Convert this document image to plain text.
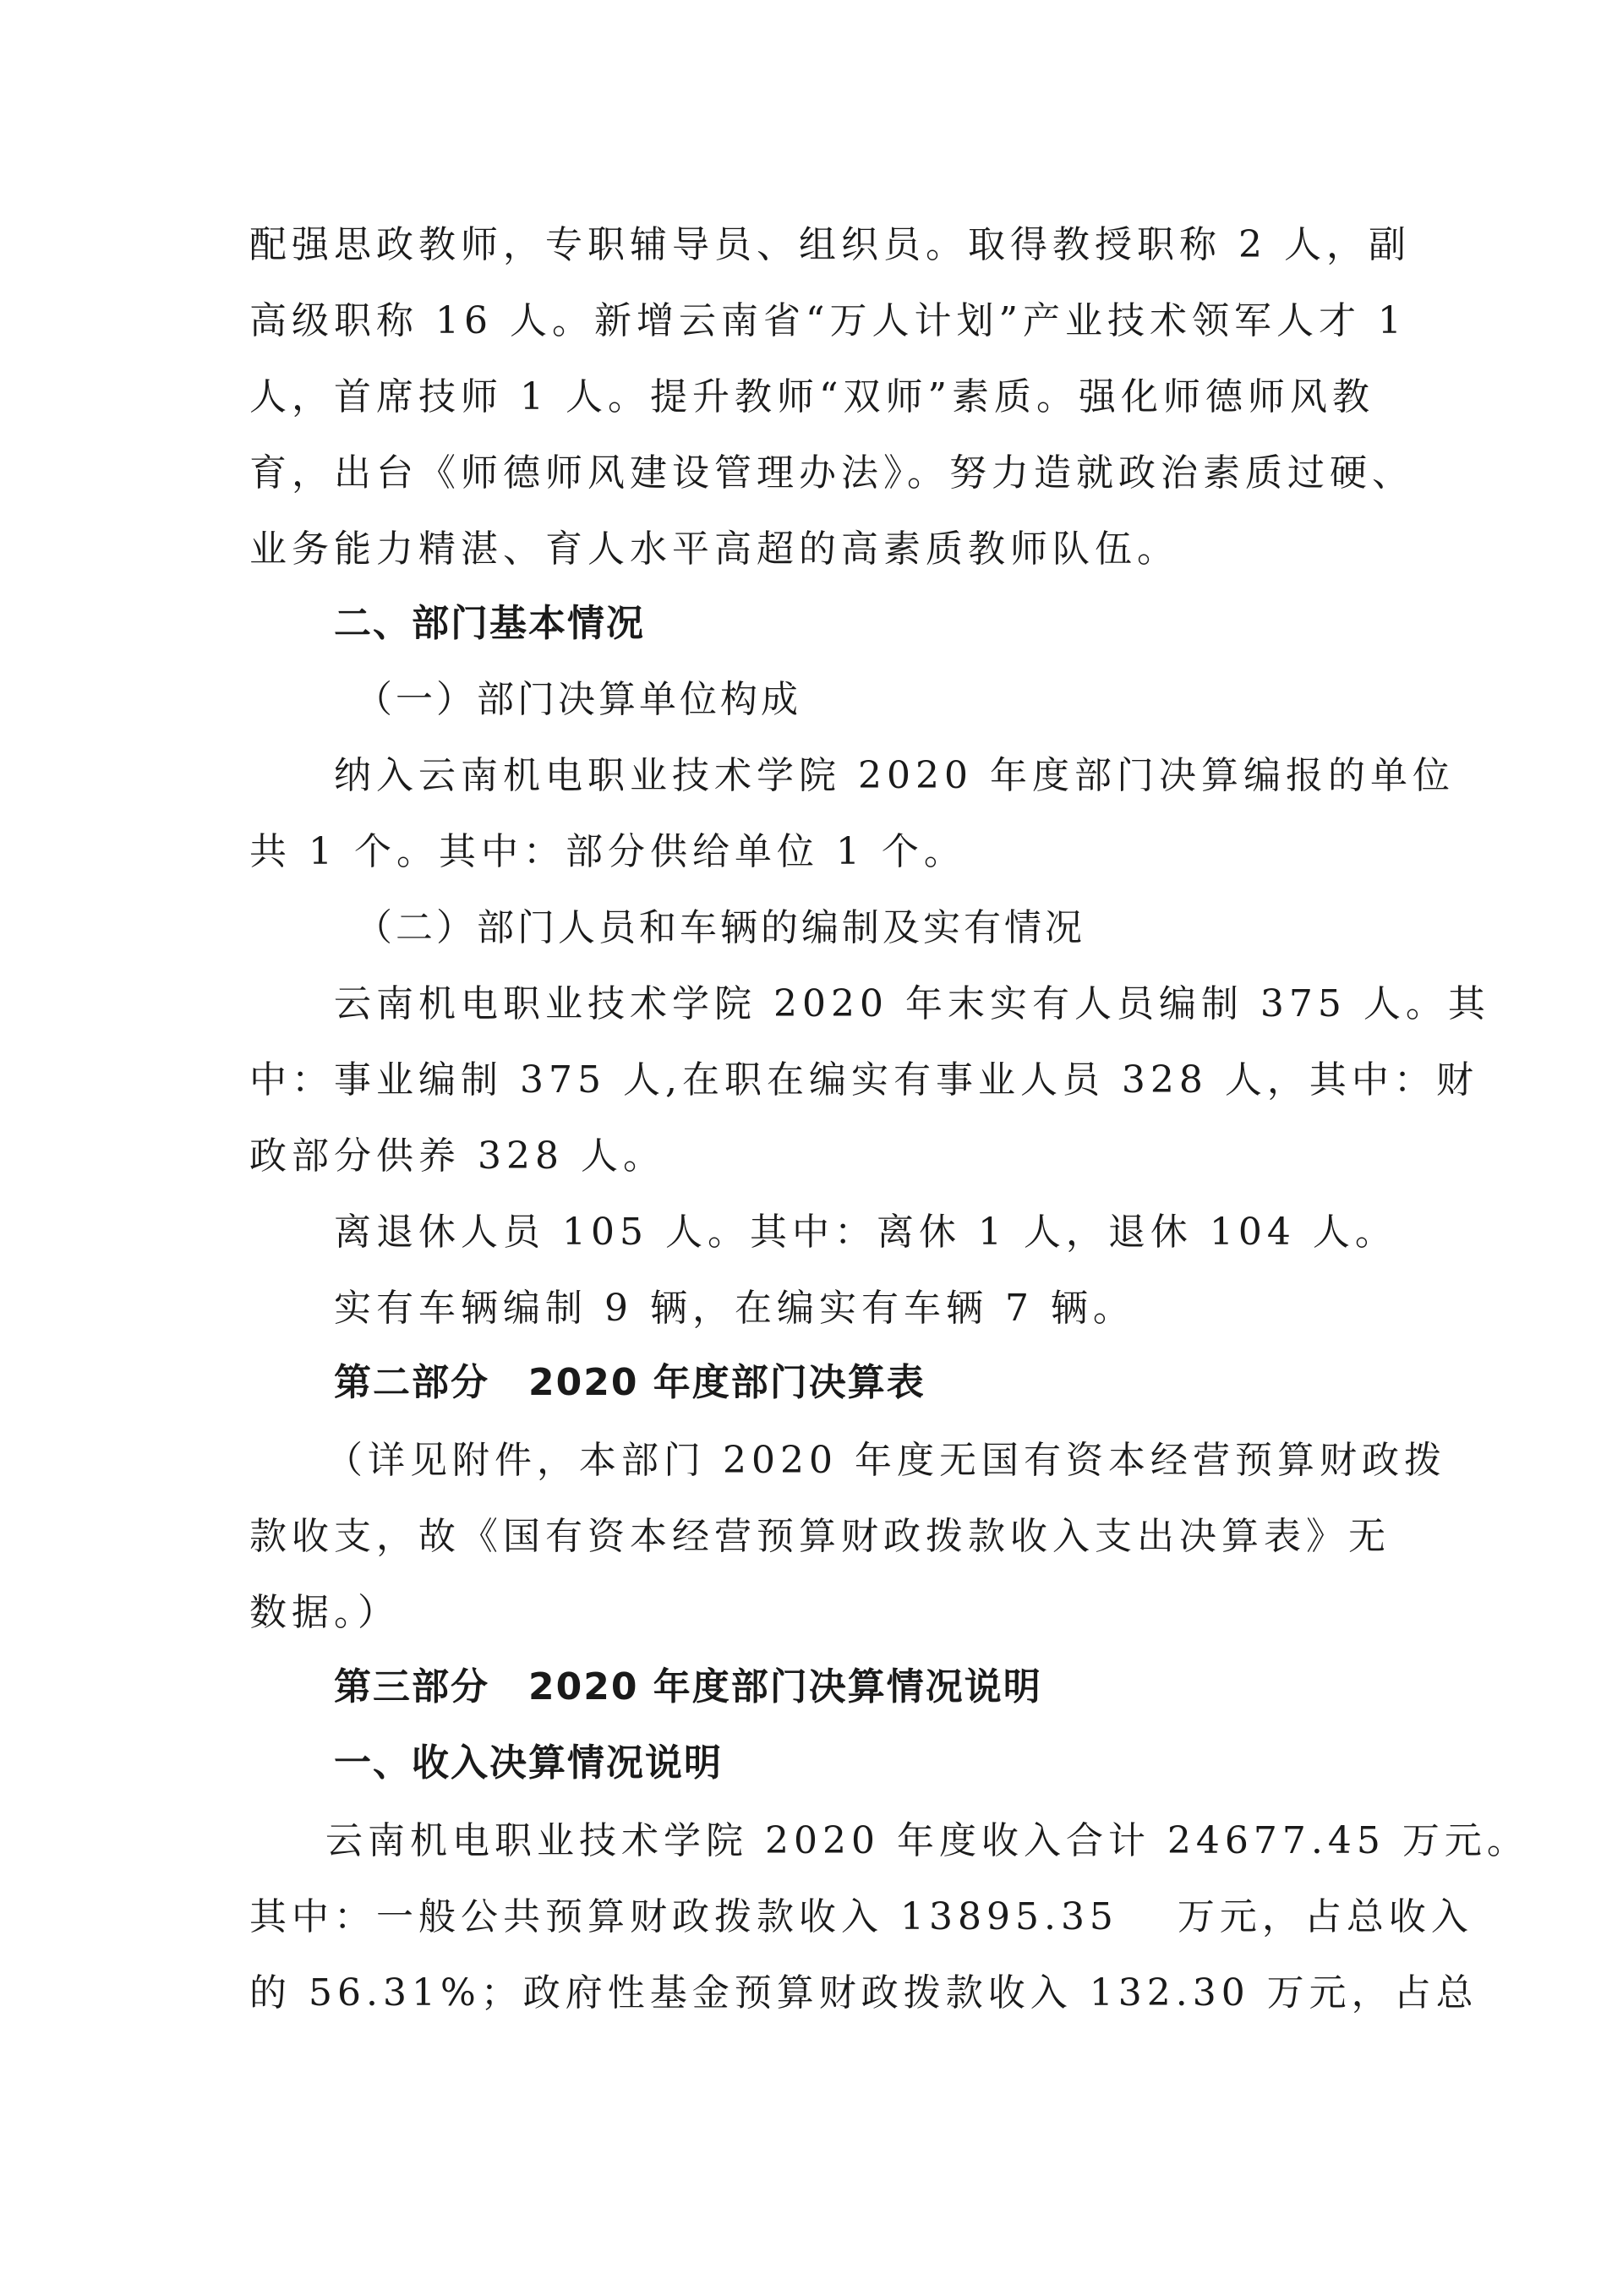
配强思政教师，专职辅导员、组织员。取得教授职称 2 人，副
高级职称 16 人。新增云南省“万人计划”产业技术领军人才 1
人，首席技师 1 人。提升教师“双师”素质。强化师德师风教
育，出台《师德师风建设管理办法》。努力造就政治素质过硬、
业务能力精湛、育人水平高超的高素质教师队伍。
二、部门基本情况
（一）部门决算单位构成
纳入云南机电职业技术学院 2020 年度部门决算编报的单位
共 1 个。其中：部分供给单位 1 个。
（二）部门人员和车辆的编制及实有情况
云南机电职业技术学院 2020 年末实有人员编制 375 人。其
中：事业编制 375 人,在职在编实有事业人员 328 人，其中：财
政部分供养 328 人。
离退休人员 105 人。其中：离休 1 人，退休 104 人。
实有车辆编制 9 辆，在编实有车辆 7 辆。
第二部分　2020 年度部门决算表
（详见附件，本部门 2020 年度无国有资本经营预算财政拨
款收支，故《国有资本经营预算财政拨款收入支出决算表》无
数据。）
第三部分　2020 年度部门决算情况说明
一、收入决算情况说明
云南机电职业技术学院 2020 年度收入合计 24677.45 万元。
其中：一般公共预算财政拨款收入 13895.35　 万元，占总收入
的 56.31%；政府性基金预算财政拨款收入 132.30 万元，占总
